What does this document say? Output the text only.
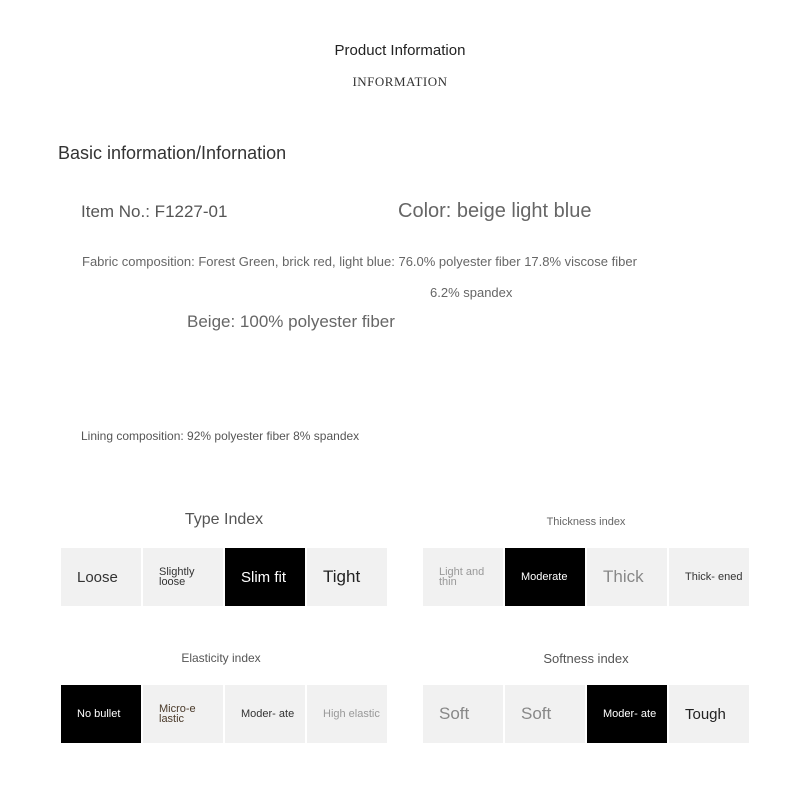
Product Information
INFORMATION
Basic information/Infornation
Item No.: F1227-01	Color: beige light blue
Fabric composition: Forest Green, brick red, light blue: 76.0% polyester fiber 17.8% viscose fiber
6.2% spandex
Beige: 100% polyester fiber
Lining composition: 92% polyester fiber 8% spandex
Type Index
Loose	Slightly loose	Slim fit	Tight
Thickness index
Light and thin	Moderate	Thick	Thick- ened
Elasticity index
No bullet	Micro-e lastic	Moder- ate	High elastic
Softness index
Soft	Soft	Moder- ate	Tough
